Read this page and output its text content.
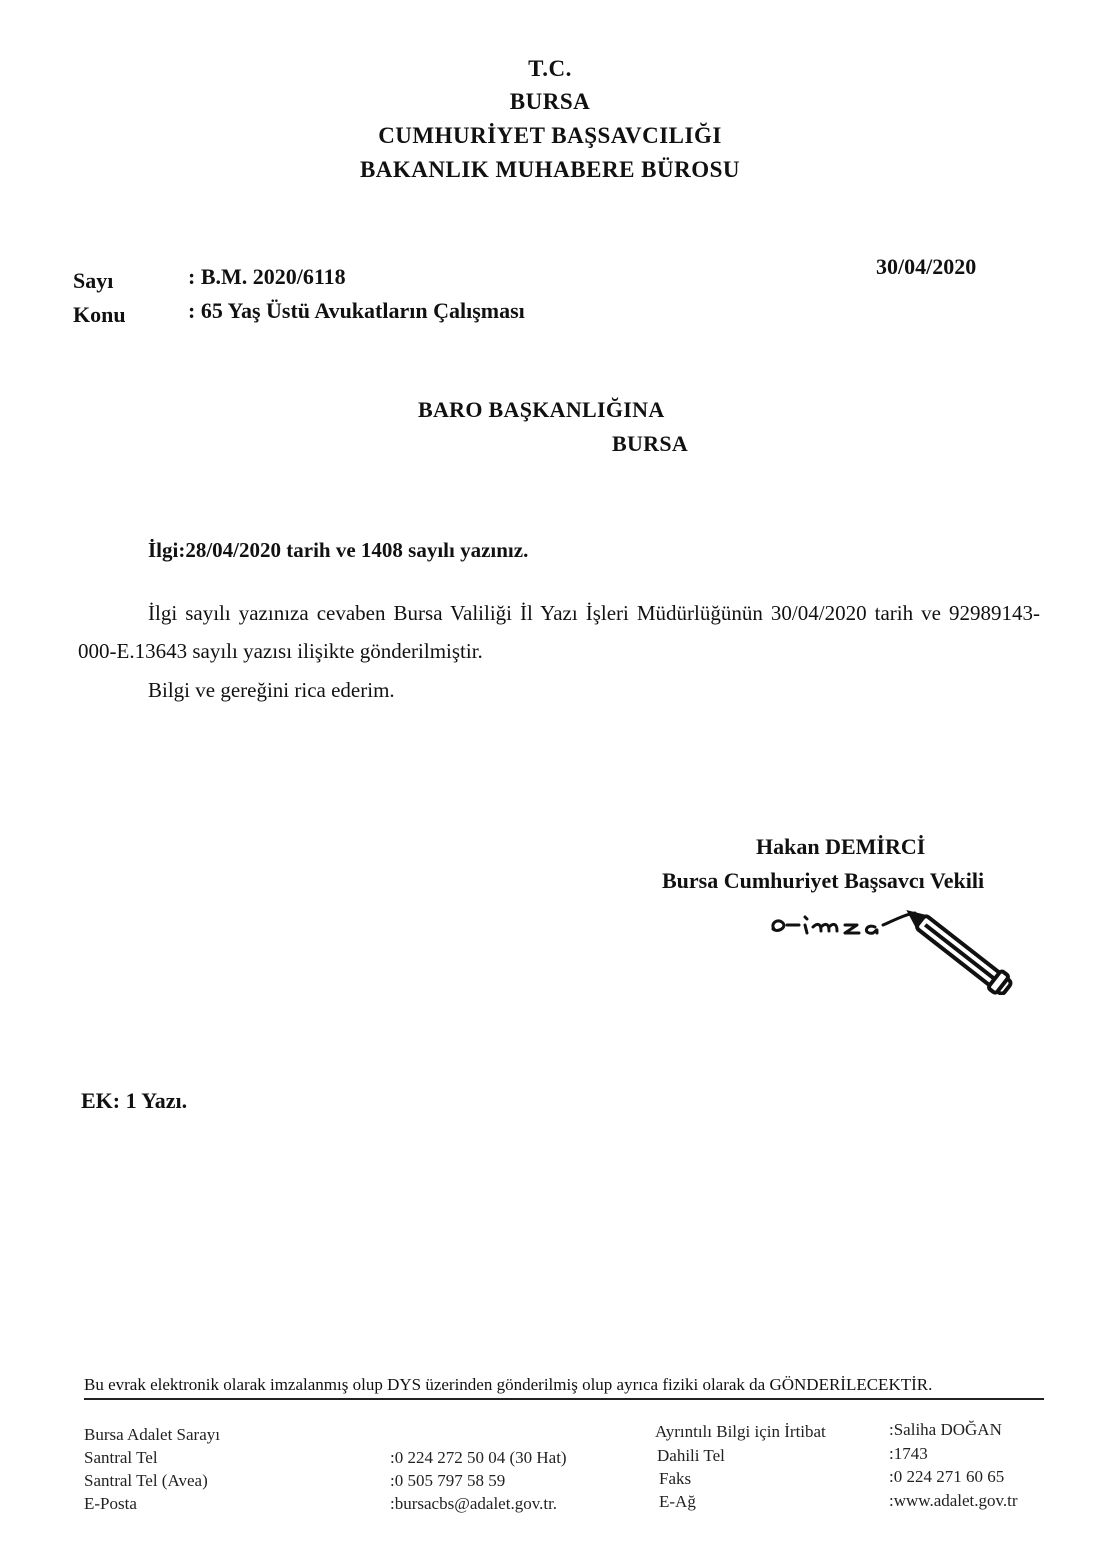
T.C.
BURSA
CUMHURİYET BAŞSAVCILIĞI
BAKANLIK MUHABERE BÜROSU
Sayı	: B.M. 2020/6118
Konu	: 65 Yaş Üstü Avukatların Çalışması
30/04/2020
BARO BAŞKANLIĞINA
BURSA
İlgi:28/04/2020 tarih ve 1408 sayılı yazınız.
İlgi sayılı yazınıza cevaben Bursa Valiliği İl Yazı İşleri Müdürlüğünün 30/04/2020 tarih ve 92989143-000-E.13643 sayılı yazısı ilişikte gönderilmiştir.
Bilgi ve gereğini rica ederim.
Hakan DEMİRCİ
Bursa Cumhuriyet Başsavcı Vekili
EK: 1 Yazı.
Bu evrak elektronik olarak imzalanmış olup DYS üzerinden gönderilmiş olup ayrıca fiziki olarak da GÖNDERİLECEKTİR.
Bursa Adalet Sarayı
Santral Tel
Santral Tel (Avea)
E-Posta
:0 224 272 50 04 (30 Hat)
:0 505 797 58 59
:bursacbs@adalet.gov.tr.
Ayrıntılı Bilgi için İrtibat
Dahili Tel
Faks
E-Ağ
:Saliha DOĞAN
:1743
:0 224 271 60 65
:www.adalet.gov.tr
